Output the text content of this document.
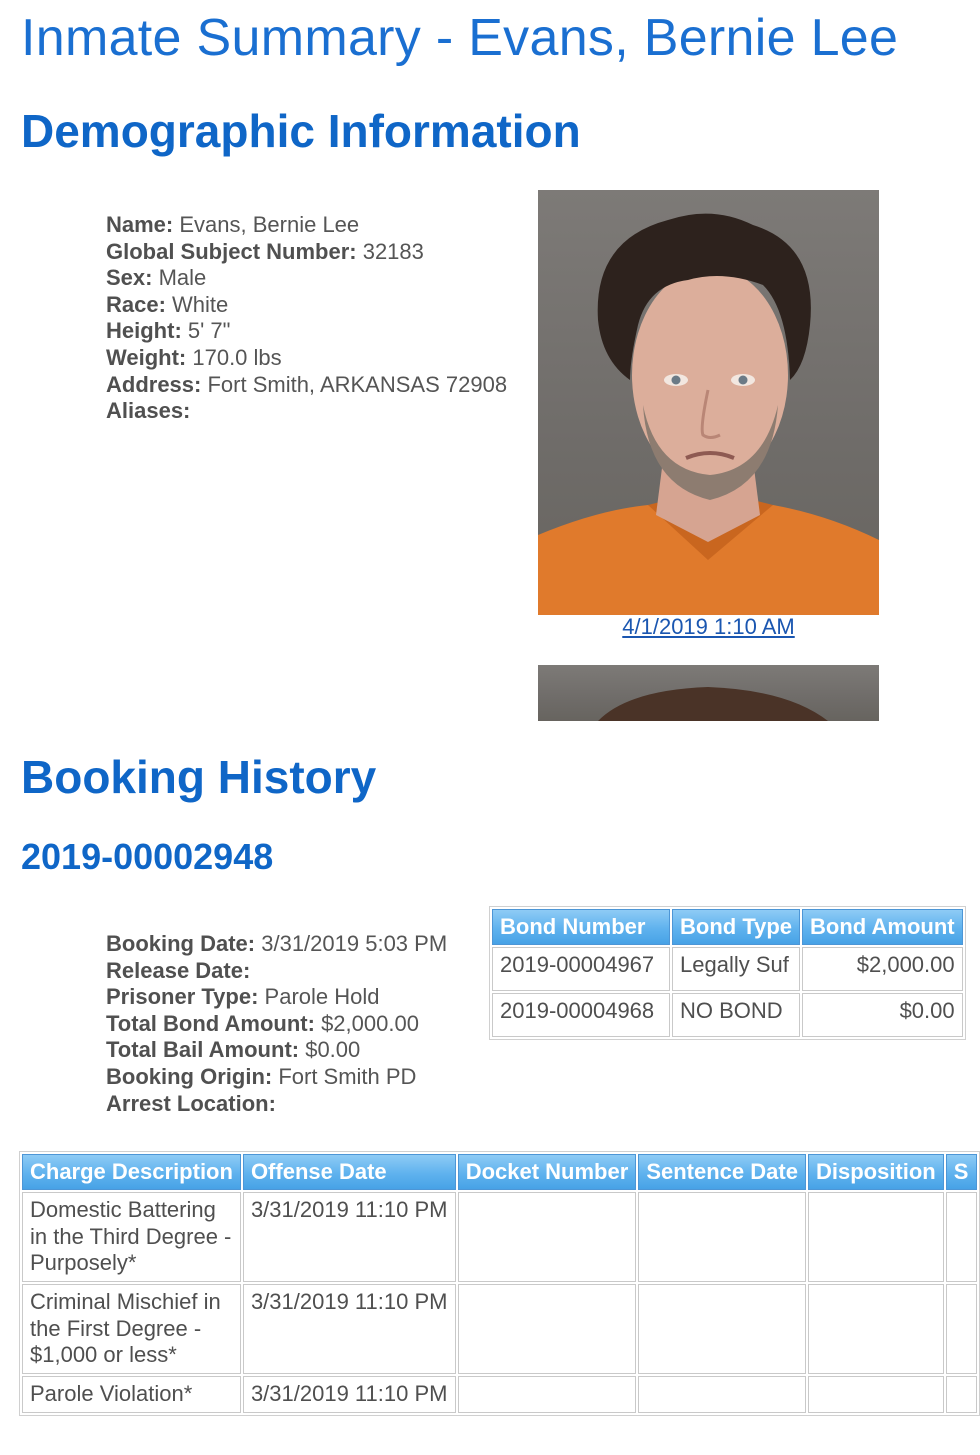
Inmate Summary - Evans, Bernie Lee
Demographic Information
Name: Evans, Bernie Lee
Global Subject Number: 32183
Sex: Male
Race: White
Height: 5' 7"
Weight: 170.0 lbs
Address: Fort Smith, ARKANSAS 72908
Aliases:
4/1/2019 1:10 AM
Booking History
2019-00002948
Booking Date: 3/31/2019 5:03 PM
Release Date:
Prisoner Type: Parole Hold
Total Bond Amount: $2,000.00
Total Bail Amount: $0.00
Booking Origin: Fort Smith PD
Arrest Location:
Bond Number	Bond Type	Bond Amount
2019-00004967	Legally Suf	$2,000.00
2019-00004968	NO BOND	$0.00
Charge Description	Offense Date	Docket Number	Sentence Date	Disposition	S
Domestic Battering in the Third Degree - Purposely*	3/31/2019 11:10 PM				
Criminal Mischief in the First Degree - $1,000 or less*	3/31/2019 11:10 PM				
Parole Violation*	3/31/2019 11:10 PM				
